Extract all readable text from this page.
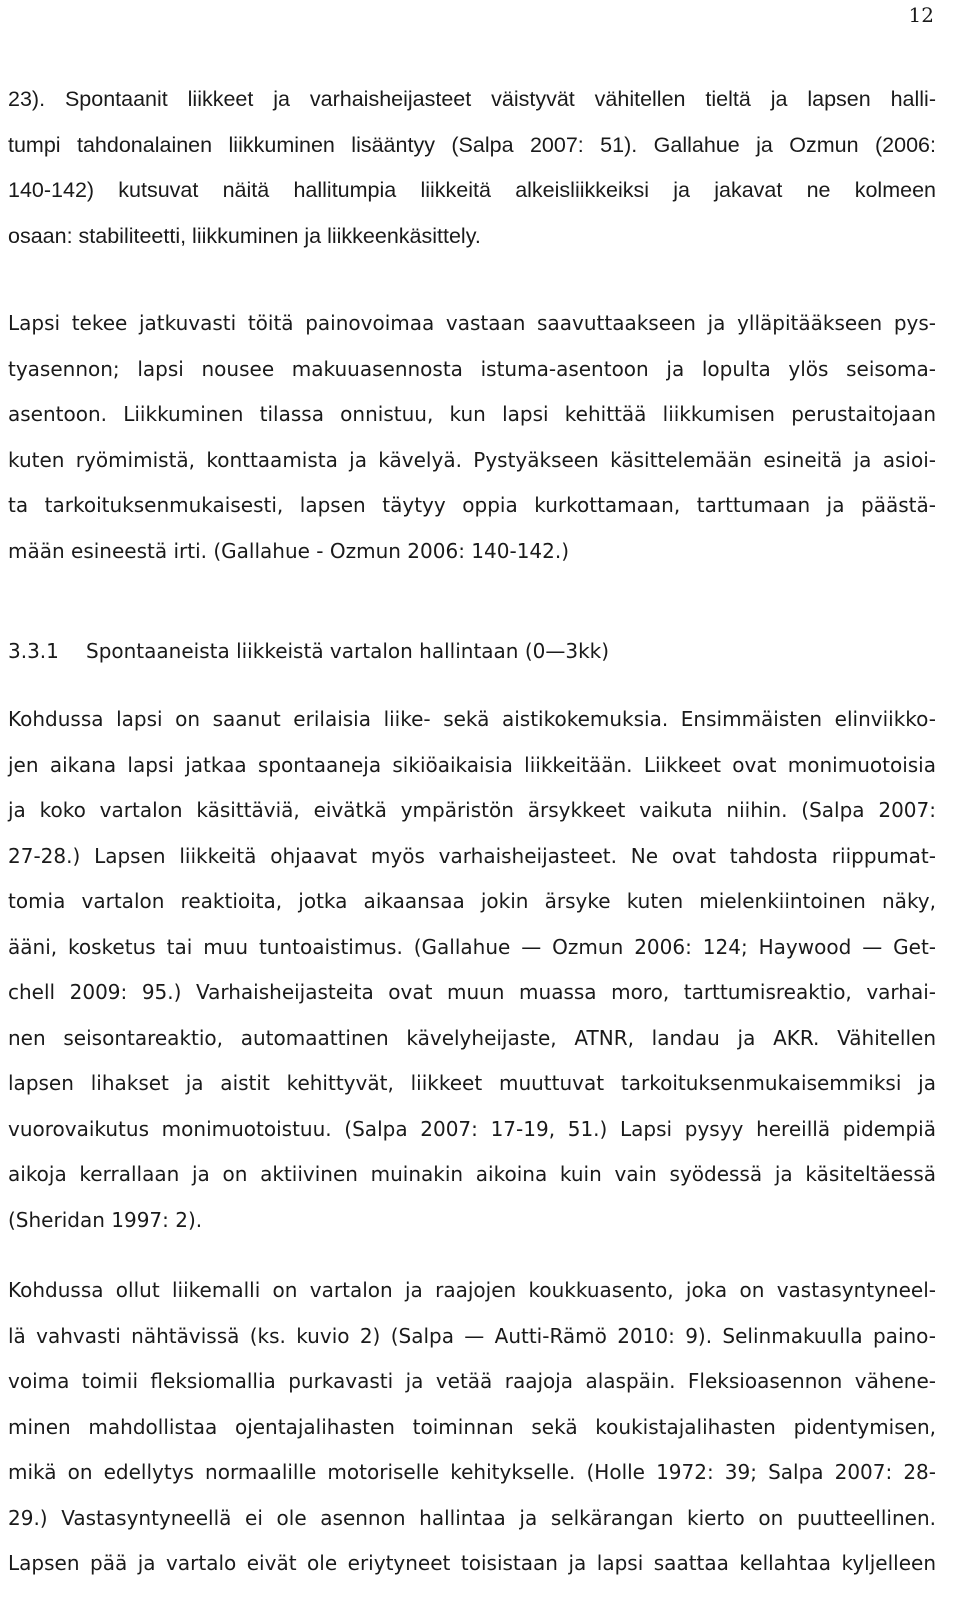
12
23). Spontaanit liikkeet ja varhaisheijasteet väistyvät vähitellen tieltä ja lapsen halli-
tumpi tahdonalainen liikkuminen lisääntyy (Salpa 2007: 51). Gallahue ja Ozmun (2006:
140-142) kutsuvat näitä hallitumpia liikkeitä alkeisliikkeiksi ja jakavat ne kolmeen
osaan: stabiliteetti, liikkuminen ja liikkeenkäsittely.
Lapsi tekee jatkuvasti töitä painovoimaa vastaan saavuttaakseen ja ylläpitääkseen pys-
tyasennon; lapsi nousee makuuasennosta istuma-asentoon ja lopulta ylös seisoma-
asentoon. Liikkuminen tilassa onnistuu, kun lapsi kehittää liikkumisen perustaitojaan
kuten ryömimistä, konttaamista ja kävelyä. Pystyäkseen käsittelemään esineitä ja asioi-
ta tarkoituksenmukaisesti, lapsen täytyy oppia kurkottamaan, tarttumaan ja päästä-
mään esineestä irti. (Gallahue - Ozmun 2006: 140-142.)
3.3.1 Spontaaneista liikkeistä vartalon hallintaan (0—3kk)
Kohdussa lapsi on saanut erilaisia liike- sekä aistikokemuksia. Ensimmäisten elinviikko-
jen aikana lapsi jatkaa spontaaneja sikiöaikaisia liikkeitään. Liikkeet ovat monimuotoisia
ja koko vartalon käsittäviä, eivätkä ympäristön ärsykkeet vaikuta niihin. (Salpa 2007:
27-28.) Lapsen liikkeitä ohjaavat myös varhaisheijasteet. Ne ovat tahdosta riippumat-
tomia vartalon reaktioita, jotka aikaansaa jokin ärsyke kuten mielenkiintoinen näky,
ääni, kosketus tai muu tuntoaistimus. (Gallahue — Ozmun 2006: 124; Haywood — Get-
chell 2009: 95.) Varhaisheijasteita ovat muun muassa moro, tarttumisreaktio, varhai-
nen seisontareaktio, automaattinen kävelyheijaste, ATNR, landau ja AKR. Vähitellen
lapsen lihakset ja aistit kehittyvät, liikkeet muuttuvat tarkoituksenmukaisemmiksi ja
vuorovaikutus monimuotoistuu. (Salpa 2007: 17-19, 51.) Lapsi pysyy hereillä pidempiä
aikoja kerrallaan ja on aktiivinen muinakin aikoina kuin vain syödessä ja käsiteltäessä
(Sheridan 1997: 2).
Kohdussa ollut liikemalli on vartalon ja raajojen koukkuasento, joka on vastasyntyneel-
lä vahvasti nähtävissä (ks. kuvio 2) (Salpa — Autti-Rämö 2010: 9). Selinmakuulla paino-
voima toimii fleksiomallia purkavasti ja vetää raajoja alaspäin. Fleksioasennon vähene-
minen mahdollistaa ojentajalihasten toiminnan sekä koukistajalihasten pidentymisen,
mikä on edellytys normaalille motoriselle kehitykselle. (Holle 1972: 39; Salpa 2007: 28-
29.) Vastasyntyneellä ei ole asennon hallintaa ja selkärangan kierto on puutteellinen.
Lapsen pää ja vartalo eivät ole eriytyneet toisistaan ja lapsi saattaa kellahtaa kyljelleen
